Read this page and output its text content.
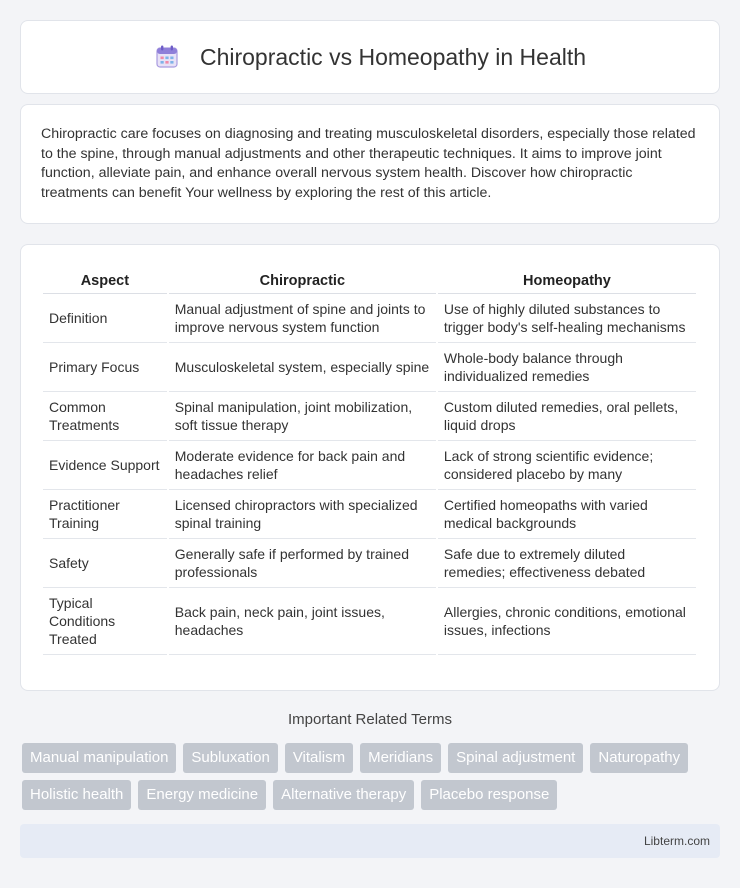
Chiropractic vs Homeopathy in Health

Chiropractic care focuses on diagnosing and treating musculoskeletal disorders, especially those related to the spine, through manual adjustments and other therapeutic techniques. It aims to improve joint function, alleviate pain, and enhance overall nervous system health. Discover how chiropractic treatments can benefit Your wellness by exploring the rest of this article.

Aspect	Chiropractic	Homeopathy
Definition	Manual adjustment of spine and joints to improve nervous system function	Use of highly diluted substances to trigger body's self-healing mechanisms
Primary Focus	Musculoskeletal system, especially spine	Whole-body balance through individualized remedies
Common Treatments	Spinal manipulation, joint mobilization, soft tissue therapy	Custom diluted remedies, oral pellets, liquid drops
Evidence Support	Moderate evidence for back pain and headaches relief	Lack of strong scientific evidence; considered placebo by many
Practitioner Training	Licensed chiropractors with specialized spinal training	Certified homeopaths with varied medical backgrounds
Safety	Generally safe if performed by trained professionals	Safe due to extremely diluted remedies; effectiveness debated
Typical Conditions Treated	Back pain, neck pain, joint issues, headaches	Allergies, chronic conditions, emotional issues, infections
Important Related Terms
Manual manipulation	Subluxation	Vitalism	Meridians	Spinal adjustment	Naturopathy
Holistic health	Energy medicine	Alternative therapy	Placebo response
Libterm.com
